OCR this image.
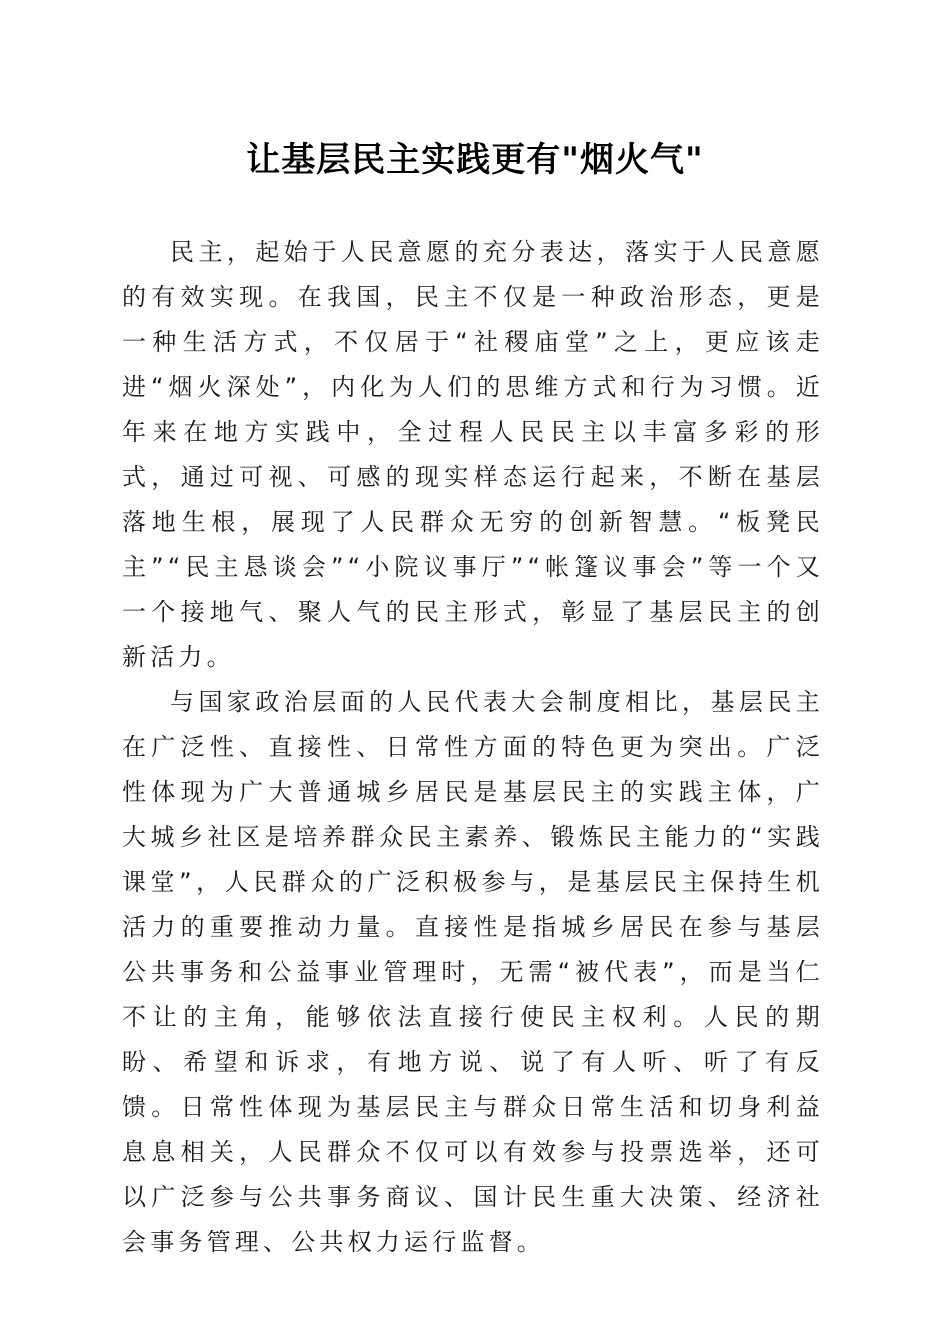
让基层民主实践更有"烟火气"

民主，起始于人民意愿的充分表达，落实于人民意愿的有效实现。在我国，民主不仅是一种政治形态，更是一种生活方式，不仅居于“社稷庙堂”之上，更应该走进“烟火深处”，内化为人们的思维方式和行为习惯。近年来在地方实践中，全过程人民民主以丰富多彩的形式，通过可视、可感的现实样态运行起来，不断在基层落地生根，展现了人民群众无穷的创新智慧。“板凳民主”“民主恳谈会”“小院议事厅”“帐篷议事会”等一个又一个接地气、聚人气的民主形式，彰显了基层民主的创新活力。

与国家政治层面的人民代表大会制度相比，基层民主在广泛性、直接性、日常性方面的特色更为突出。广泛性体现为广大普通城乡居民是基层民主的实践主体，广大城乡社区是培养群众民主素养、锻炼民主能力的“实践课堂”，人民群众的广泛积极参与，是基层民主保持生机活力的重要推动力量。直接性是指城乡居民在参与基层公共事务和公益事业管理时，无需“被代表”，而是当仁不让的主角，能够依法直接行使民主权利。人民的期盼、希望和诉求，有地方说、说了有人听、听了有反馈。日常性体现为基层民主与群众日常生活和切身利益息息相关，人民群众不仅可以有效参与投票选举，还可以广泛参与公共事务商议、国计民生重大决策、经济社会事务管理、公共权力运行监督。
